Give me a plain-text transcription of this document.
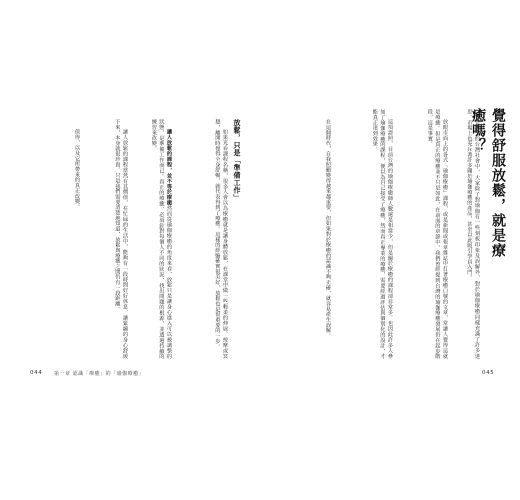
放鬆，只是「準備工作」
如果光看課程名稱，很多人會以為療癒就是讓身體放鬆，在課堂中做一些輕柔的伸展、按摩或冥想，離開時覺得全身舒暢，就代表得到了療癒。這樣的經驗確實很美好，放鬆也是很重要的一步。
讓人放鬆的課程，並不等於療癒然而從瑜伽療癒的角度來看，放鬆只是讓身心進入可以被調整的狀態，是準備工作而已。真正的療癒，必須針對每個人不同的狀況，找出問題的根源，並透過持續的練習來改變。
讓人放鬆的課程當然有其價值，在忙碌的生活中，能夠有一段時間好好休息、讓緊繃的身心舒緩下來，本身就很珍貴。只是我們需要清楚地知道，放鬆與療癒之間仍有一段距離。
值得，以及它所帶來的真正改變。
044 第一章 認識「療癒」的「瑜伽療癒」
覺得舒服放鬆，就是療癒嗎？
在現今的台灣社會中，大家除了對瑜伽有一些刻板印象及誤解外，對於瑜伽療癒同樣充滿了許多迷思。市場上也充斥著許多關於瑜伽療癒的產品，甚至以此吸引學員入門。
放眼市面上的各式「瑜伽療癒」課程，或是新聞或報章雜誌中打著療癒口號的文章，常讓人覺得這就是療癒。但是真正的療癒並不只是如此，在前面的章節中，我們曾經提到台灣的瑜伽療癒發展仍在起步階段，這是事實。
這項證照，目前台灣的瑜伽療癒師人數還是相當少，但是關於療癒的課程卻非常多。也因此許多人參加了瑜伽療癒的課程，便以為自己接受了療癒，然而真正專業的療癒，需要經過評估與個別化的設計，才能真正達到效果。
在這個時代，自我照顧變得越來越重要，但如果對於療癒的認識不夠正確，就容易產生誤解。
045
